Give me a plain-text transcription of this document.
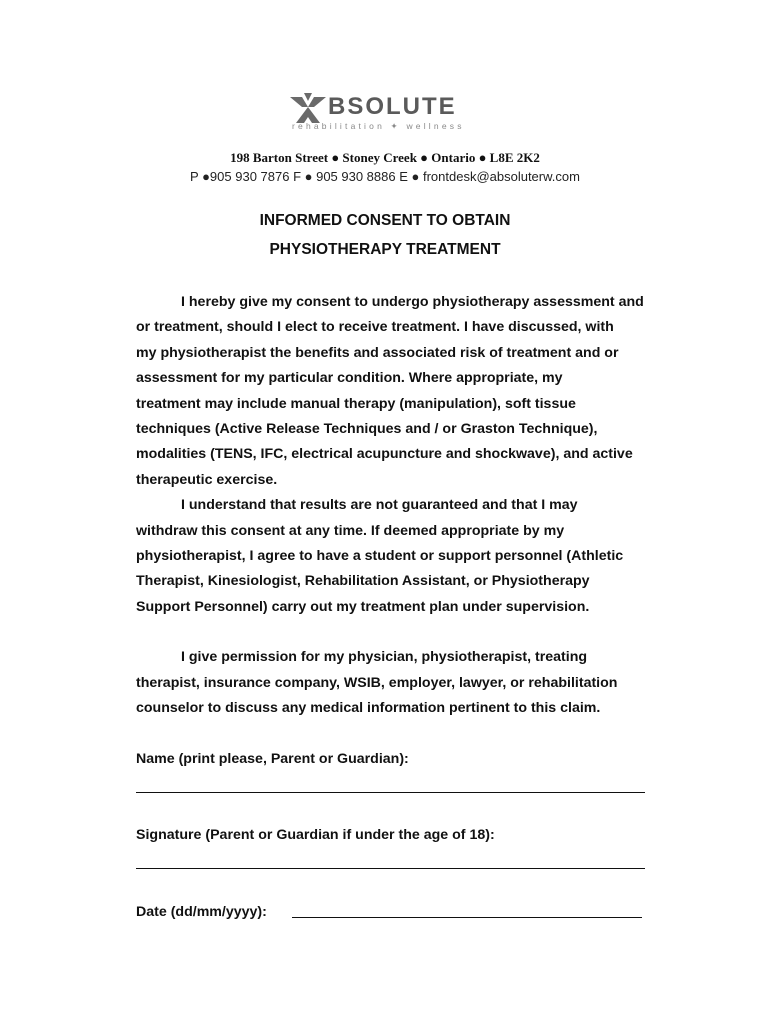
BSOLUTE
rehabilitation ✦ wellness
198 Barton Street ● Stoney Creek ● Ontario ● L8E 2K2
P ●905 930 7876 F ● 905 930 8886 E ● frontdesk@absoluterw.com
INFORMED CONSENT TO OBTAIN
PHYSIOTHERAPY TREATMENT
I hereby give my consent to undergo physiotherapy assessment and
or treatment, should I elect to receive treatment. I have discussed, with
my physiotherapist the benefits and associated risk of treatment and or
assessment for my particular condition. Where appropriate, my
treatment may include manual therapy (manipulation), soft tissue
techniques (Active Release Techniques and / or Graston Technique),
modalities (TENS, IFC, electrical acupuncture and shockwave), and active
therapeutic exercise.
I understand that results are not guaranteed and that I may
withdraw this consent at any time. If deemed appropriate by my
physiotherapist, I agree to have a student or support personnel (Athletic
Therapist, Kinesiologist, Rehabilitation Assistant, or Physiotherapy
Support Personnel) carry out my treatment plan under supervision.
I give permission for my physician, physiotherapist, treating
therapist, insurance company, WSIB, employer, lawyer, or rehabilitation
counselor to discuss any medical information pertinent to this claim.
Name (print please, Parent or Guardian):
Signature (Parent or Guardian if under the age of 18):
Date (dd/mm/yyyy):
